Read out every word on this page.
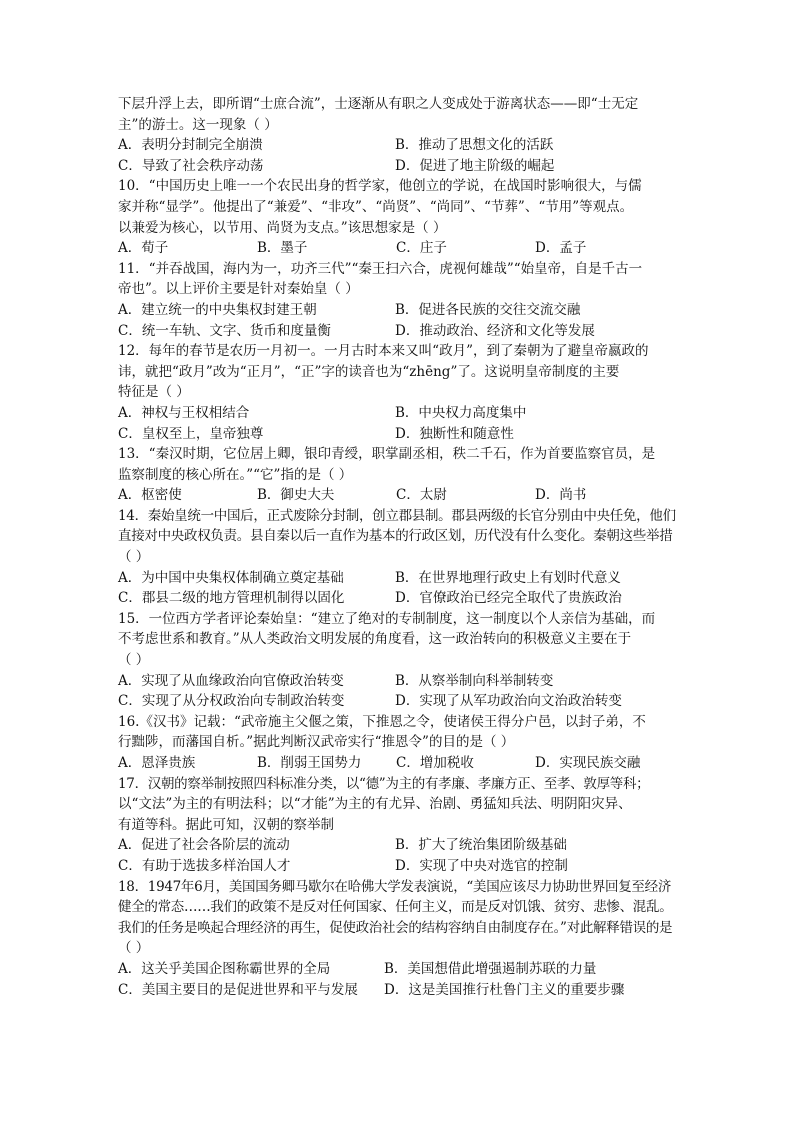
下层升浮上去，即所谓“士庶合流”，士逐渐从有职之人变成处于游离状态——即“士无定
主”的游士。这一现象（ ）
A．表明分封制完全崩溃	B．推动了思想文化的活跃
C．导致了社会秩序动荡	D．促进了地主阶级的崛起
10．“中国历史上唯一一个农民出身的哲学家，他创立的学说，在战国时影响很大，与儒
家并称“显学”。他提出了“兼爱”、“非攻”、“尚贤”、“尚同”、“节葬”、“节用”等观点。
以兼爱为核心，以节用、尚贤为支点。”该思想家是（ ）
A．荀子	B．墨子	C．庄子	D．孟子
11．“并吞战国，海内为一，功齐三代”“秦王扫六合，虎视何雄哉”“始皇帝，自是千古一
帝也”。以上评价主要是针对秦始皇（ ）
A．建立统一的中央集权封建王朝	B．促进各民族的交往交流交融
C．统一车轨、文字、货币和度量衡	D．推动政治、经济和文化等发展
12．每年的春节是农历一月初一。一月古时本来又叫“政月”，到了秦朝为了避皇帝嬴政的
讳，就把“政月”改为“正月”，“正”字的读音也为“zhēng”了。这说明皇帝制度的主要
特征是（ ）
A．神权与王权相结合	B．中央权力高度集中
C．皇权至上，皇帝独尊	D．独断性和随意性
13．“秦汉时期，它位居上卿，银印青绶，职掌副丞相，秩二千石，作为首要监察官员，是
监察制度的核心所在。”“它”指的是（ ）
A．枢密使	B．御史大夫	C．太尉	D．尚书
14．秦始皇统一中国后，正式废除分封制，创立郡县制。郡县两级的长官分别由中央任免，他们
直接对中央政权负责。县自秦以后一直作为基本的行政区划，历代没有什么变化。秦朝这些举措
（ ）
A．为中国中央集权体制确立奠定基础	B．在世界地理行政史上有划时代意义
C．郡县二级的地方管理机制得以固化	D．官僚政治已经完全取代了贵族政治
15．一位西方学者评论秦始皇：“建立了绝对的专制制度，这一制度以个人亲信为基础，而
不考虑世系和教育。”从人类政治文明发展的角度看，这一政治转向的积极意义主要在于
（ ）
A．实现了从血缘政治向官僚政治转变	B．从察举制向科举制转变
C．实现了从分权政治向专制政治转变	D．实现了从军功政治向文治政治转变
16.《汉书》记载：“武帝施主父偃之策，下推恩之令，使诸侯王得分户邑，以封子弟，不
行黜陟，而藩国自析。”据此判断汉武帝实行“推恩令”的目的是（ ）
A．恩泽贵族	B．削弱王国势力	C．增加税收	D．实现民族交融
17．汉朝的察举制按照四科标准分类，以“德”为主的有孝廉、孝廉方正、至孝、敦厚等科；
以“文法”为主的有明法科；以“才能”为主的有尤异、治剧、勇猛知兵法、明阴阳灾异、
有道等科。据此可知，汉朝的察举制
A．促进了社会各阶层的流动	B．扩大了统治集团阶级基础
C．有助于选拔多样治国人才	D．实现了中央对选官的控制
18．1947年6月，美国国务卿马歇尔在哈佛大学发表演说，“美国应该尽力协助世界回复至经济
健全的常态……我们的政策不是反对任何国家、任何主义，而是反对饥饿、贫穷、悲惨、混乱。
我们的任务是唤起合理经济的再生，促使政治社会的结构容纳自由制度存在。”对此解释错误的是
（ ）
A．这关乎美国企图称霸世界的全局	B．美国想借此增强遏制苏联的力量
C．美国主要目的是促进世界和平与发展	D．这是美国推行杜鲁门主义的重要步骤
